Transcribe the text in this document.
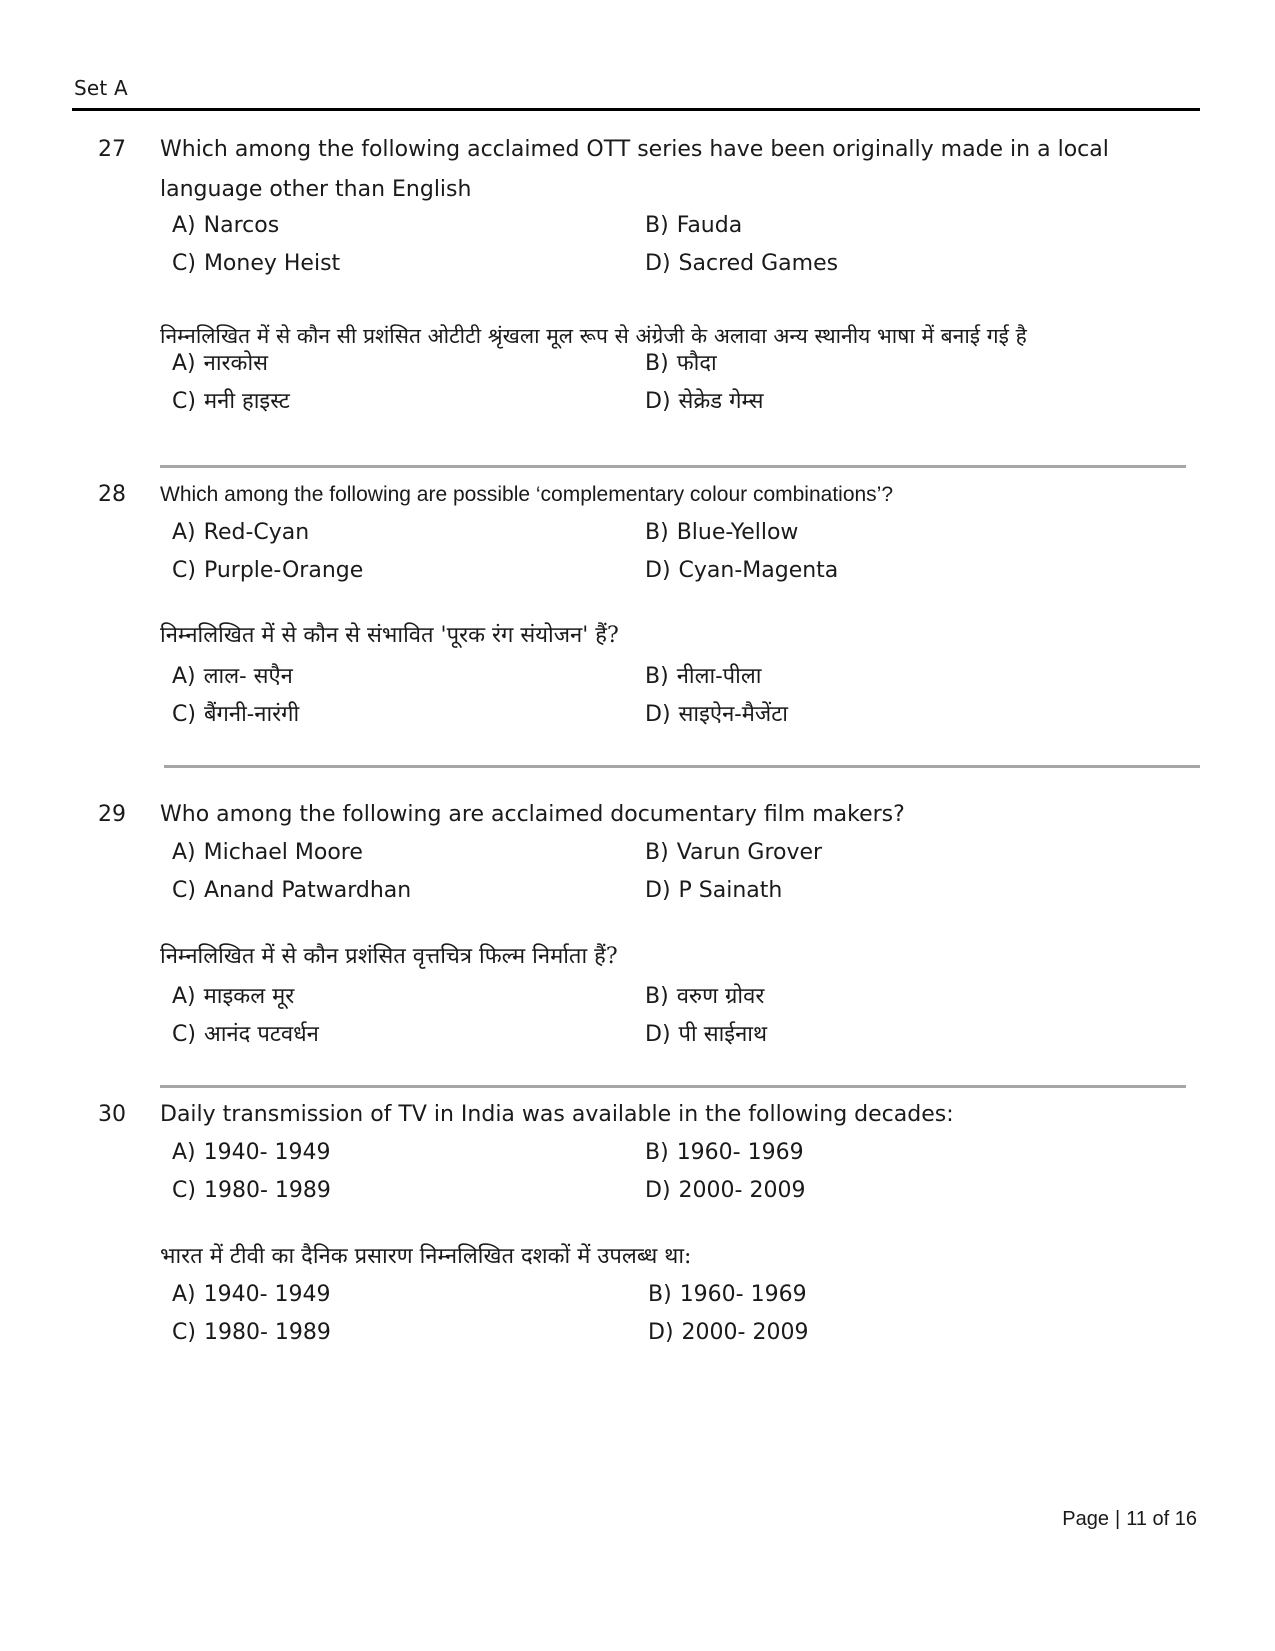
Set A
27 Which among the following acclaimed OTT series have been originally made in a local language other than English
A) Narcos	B) Fauda
C) Money Heist	D) Sacred Games
निम्नलिखित में से कौन सी प्रशंसित ओटीटी श्रृंखला मूल रूप से अंग्रेजी के अलावा अन्य स्थानीय भाषा में बनाई गई है
A) नारकोस	B) फौदा
C) मनी हाइस्ट	D) सेक्रेड गेम्स
28 Which among the following are possible ‘complementary colour combinations’?
A) Red-Cyan	B) Blue-Yellow
C) Purple-Orange	D) Cyan-Magenta
निम्नलिखित में से कौन से संभावित 'पूरक रंग संयोजन' हैं?
A) लाल- सएैन	B) नीला-पीला
C) बैंगनी-नारंगी	D) साइऐन-मैजेंटा
29 Who among the following are acclaimed documentary film makers?
A) Michael Moore	B) Varun Grover
C) Anand Patwardhan	D) P Sainath
निम्नलिखित में से कौन प्रशंसित वृत्तचित्र फिल्म निर्माता हैं?
A) माइकल मूर	B) वरुण ग्रोवर
C) आनंद पटवर्धन	D) पी साईनाथ
30 Daily transmission of TV in India was available in the following decades:
A) 1940- 1949	B) 1960- 1969
C) 1980- 1989	D) 2000- 2009
भारत में टीवी का दैनिक प्रसारण निम्नलिखित दशकों में उपलब्ध था:
A) 1940- 1949	B) 1960- 1969
C) 1980- 1989	D) 2000- 2009
Page | 11 of 16
